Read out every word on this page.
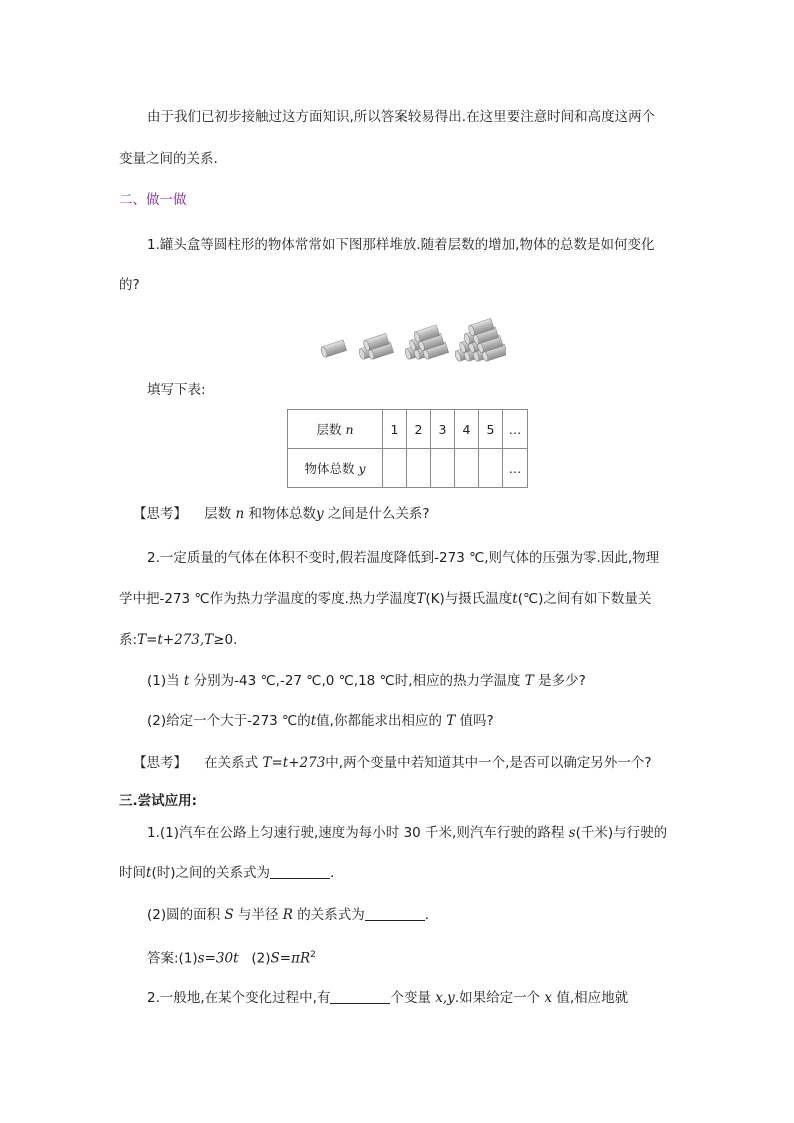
由于我们已初步接触过这方面知识,所以答案较易得出.在这里要注意时间和高度这两个
变量之间的关系.
二、做一做
1.罐头盒等圆柱形的物体常常如下图那样堆放.随着层数的增加,物体的总数是如何变化
的?
填写下表:
层数 n	1	2	3	4	5	…
物体总数 y						…
【思考】 层数 n 和物体总数y 之间是什么关系?
2.一定质量的气体在体积不变时,假若温度降低到-273 ℃,则气体的压强为零.因此,物理
学中把-273 ℃作为热力学温度的零度.热力学温度T(K)与摄氏温度t(℃)之间有如下数量关
系:T=t+273,T≥0.
(1)当 t 分别为-43 ℃,-27 ℃,0 ℃,18 ℃时,相应的热力学温度 T 是多少?
(2)给定一个大于-273 ℃的t值,你都能求出相应的 T 值吗?
【思考】 在关系式 T=t+273中,两个变量中若知道其中一个,是否可以确定另外一个?
三.尝试应用:
1.(1)汽车在公路上匀速行驶,速度为每小时 30 千米,则汽车行驶的路程 s(千米)与行驶的
时间t(时)之间的关系式为	.
(2)圆的面积 S 与半径 R 的关系式为	.
答案:(1)s=30t $(2)S=\pi R^2$
2.一般地,在某个变化过程中,有	个变量 x,y.如果给定一个 x 值,相应地就
